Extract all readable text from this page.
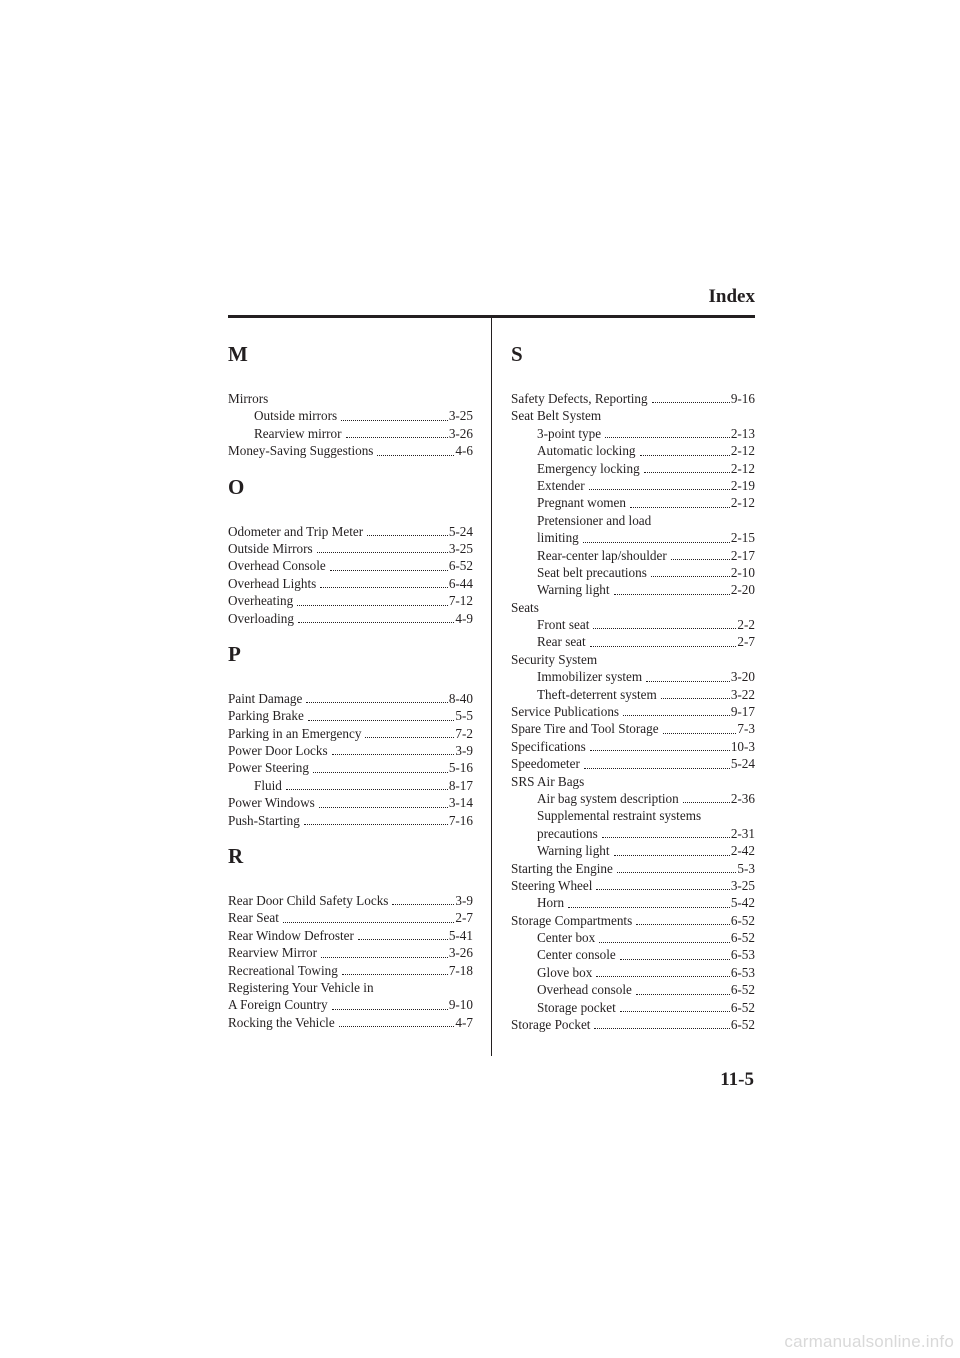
Index
M
Mirrors
Outside mirrors	3-25
Rearview mirror	3-26
Money-Saving Suggestions	4-6
O
Odometer and Trip Meter	5-24
Outside Mirrors	3-25
Overhead Console	6-52
Overhead Lights	6-44
Overheating	7-12
Overloading	4-9
P
Paint Damage	8-40
Parking Brake	5-5
Parking in an Emergency	7-2
Power Door Locks	3-9
Power Steering	5-16
Fluid	8-17
Power Windows	3-14
Push-Starting	7-16
R
Rear Door Child Safety Locks	3-9
Rear Seat	2-7
Rear Window Defroster	5-41
Rearview Mirror	3-26
Recreational Towing	7-18
Registering Your Vehicle in
A Foreign Country	9-10
Rocking the Vehicle	4-7
S
Safety Defects, Reporting	9-16
Seat Belt System
3-point type	2-13
Automatic locking	2-12
Emergency locking	2-12
Extender	2-19
Pregnant women	2-12
Pretensioner and load
limiting	2-15
Rear-center lap/shoulder	2-17
Seat belt precautions	2-10
Warning light	2-20
Seats
Front seat	2-2
Rear seat	2-7
Security System
Immobilizer system	3-20
Theft-deterrent system	3-22
Service Publications	9-17
Spare Tire and Tool Storage	7-3
Specifications	10-3
Speedometer	5-24
SRS Air Bags
Air bag system description	2-36
Supplemental restraint systems
precautions	2-31
Warning light	2-42
Starting the Engine	5-3
Steering Wheel	3-25
Horn	5-42
Storage Compartments	6-52
Center box	6-52
Center console	6-53
Glove box	6-53
Overhead console	6-52
Storage pocket	6-52
Storage Pocket	6-52
11-5
carmanualsonline.info
